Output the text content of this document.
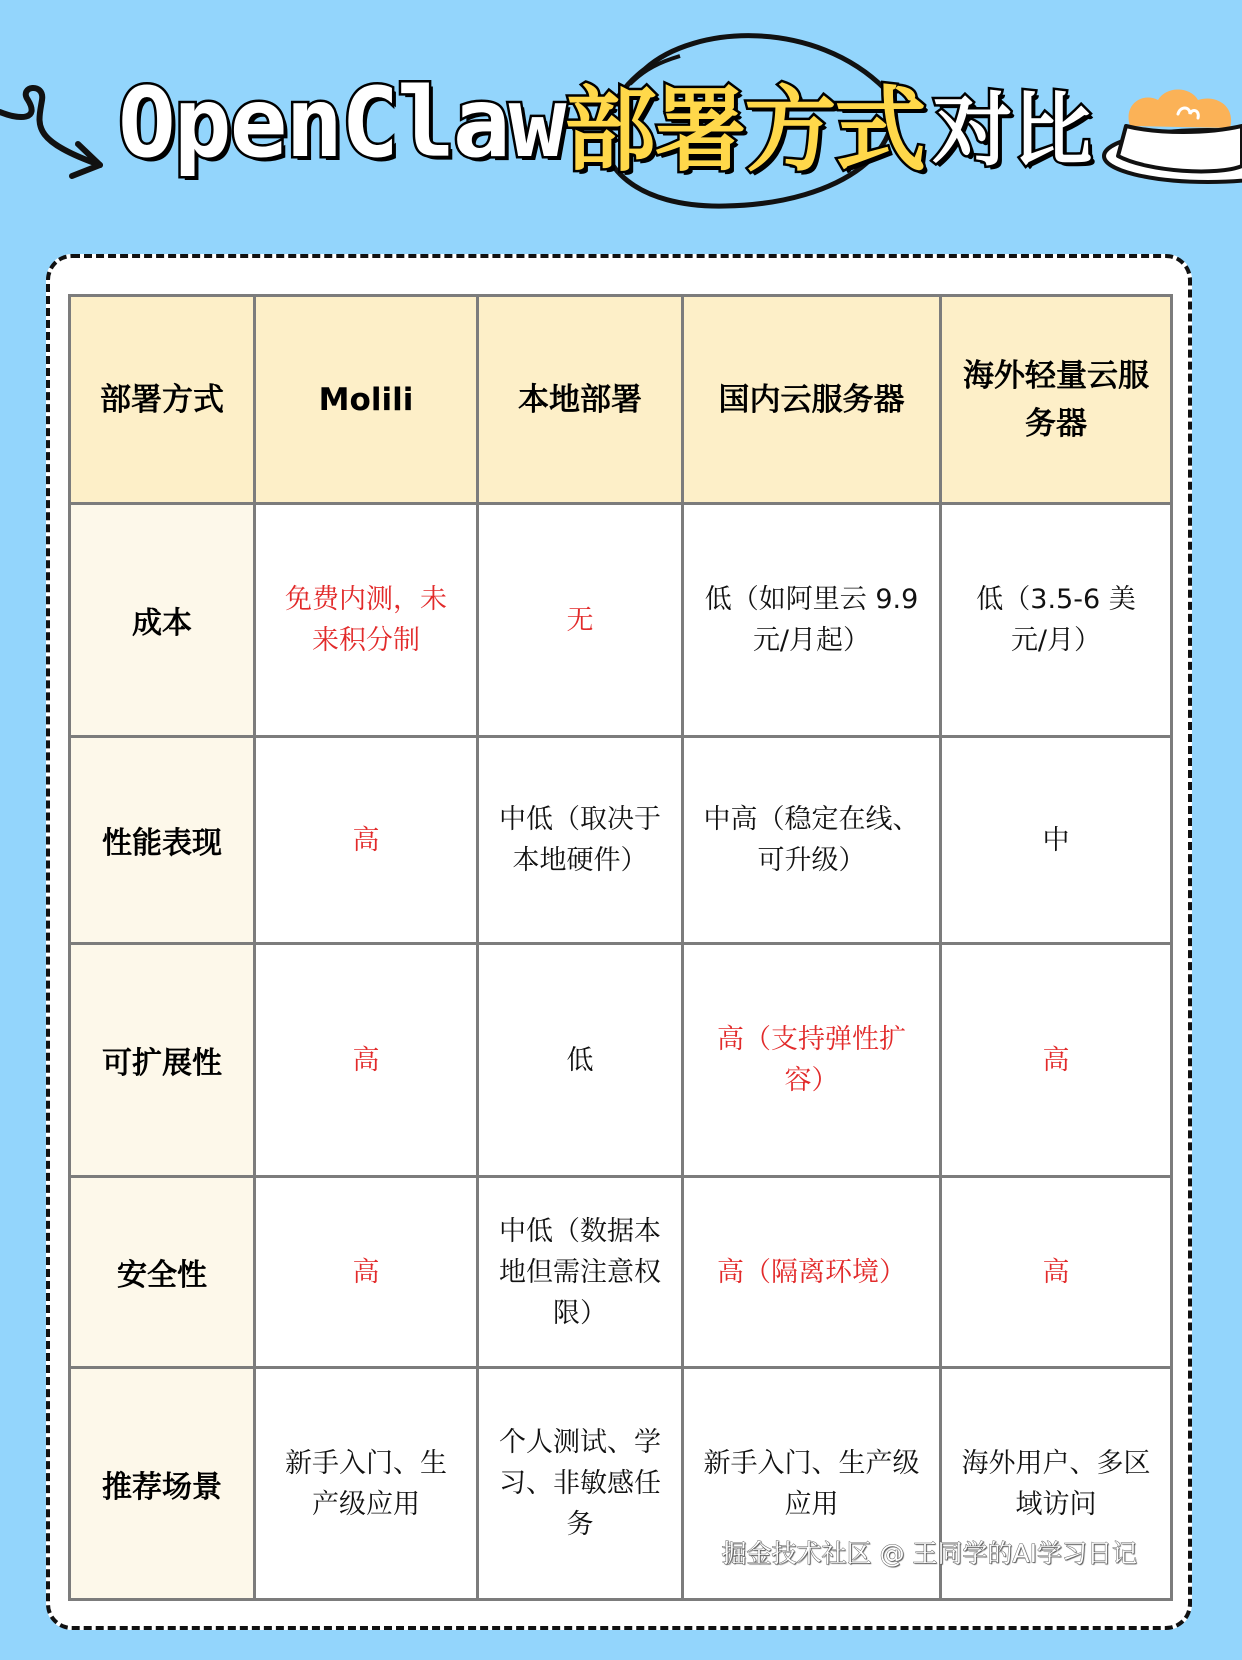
OpenClaw 部署方式 对比
部署方式	Molili	本地部署	国内云服务器	海外轻量云服务器
成本	免费内测，未来积分制	无	低（如阿里云 9.9 元/月起）	低（3.5-6 美元/月）
性能表现	高	中低（取决于本地硬件）	中高（稳定在线、可升级）	中
可扩展性	高	低	高（支持弹性扩容）	高
安全性	高	中低（数据本地但需注意权限）	高（隔离环境）	高
推荐场景	新手入门、生产级应用	个人测试、学习、非敏感任务	新手入门、生产级应用	海外用户、多区域访问
掘金技术社区 @ 王同学的AI学习日记
